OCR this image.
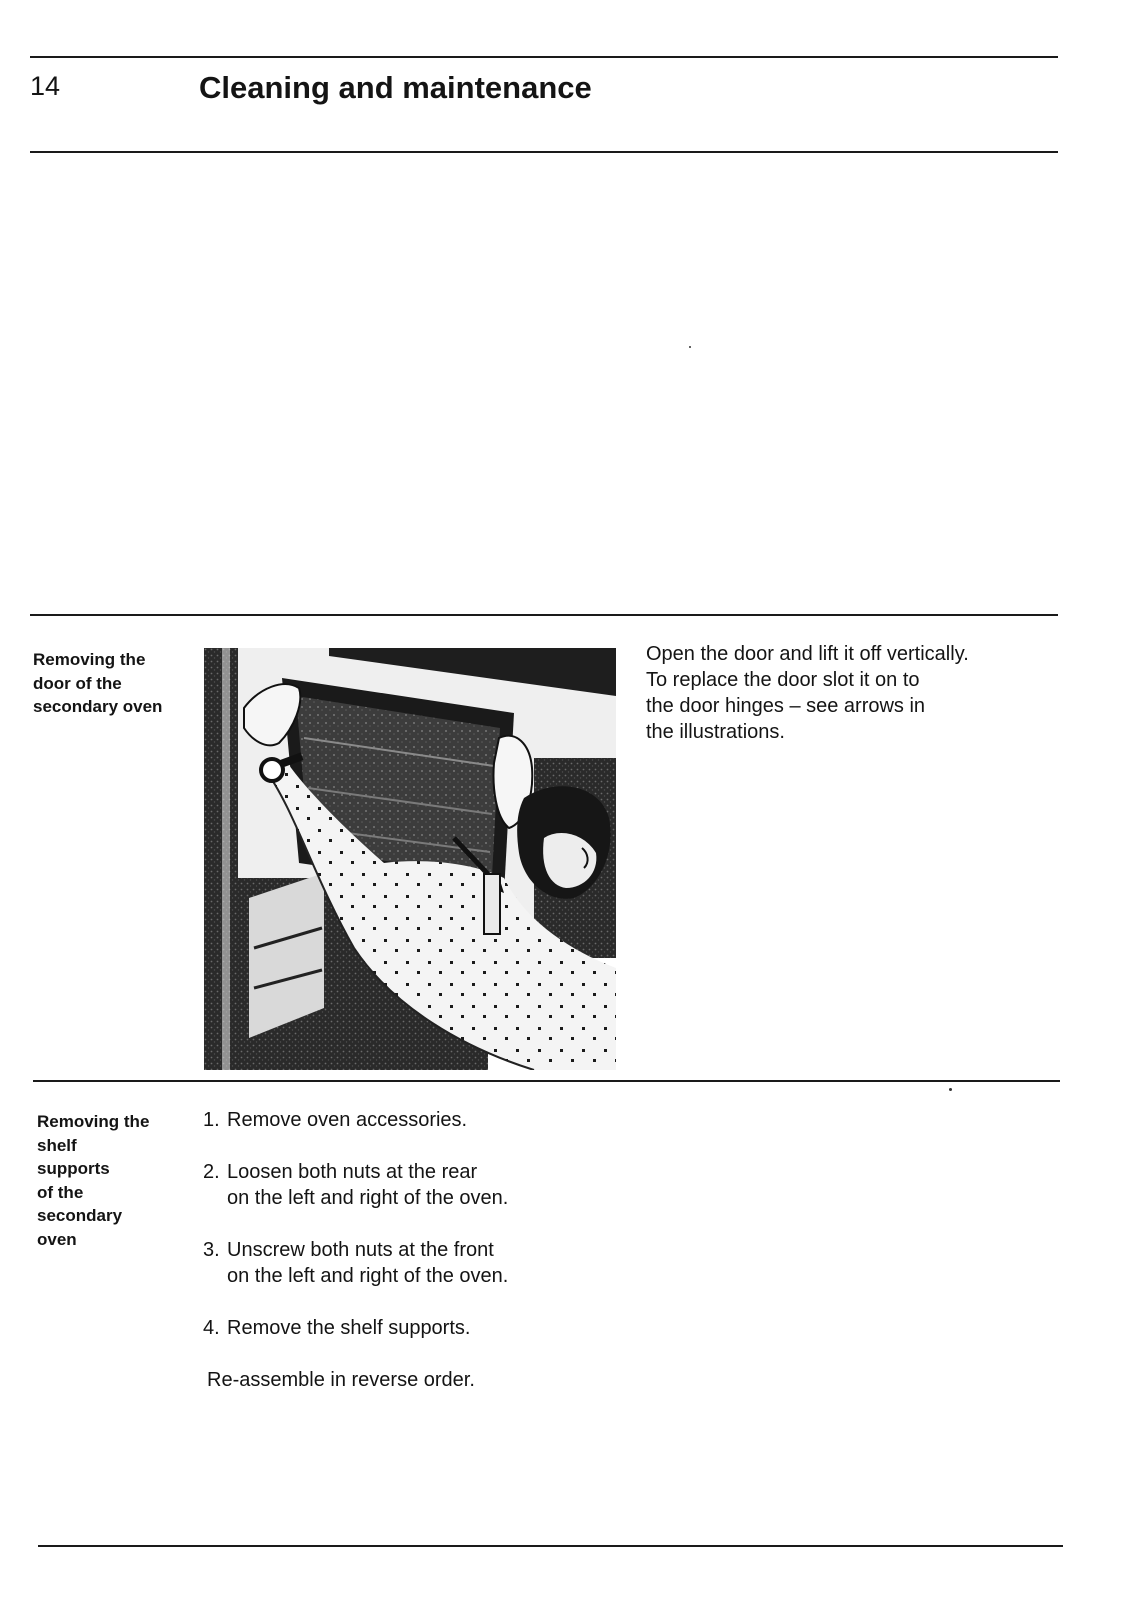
14	Cleaning and maintenance
Removing the
door of the
secondary oven
Open the door and lift it off vertically.
To replace the door slot it on to
the door hinges – see arrows in
the illustrations.
Removing the
shelf
supports
of the
secondary
oven
1. Remove oven accessories.
2. Loosen both nuts at the rear
on the left and right of the oven.
3. Unscrew both nuts at the front
on the left and right of the oven.
4. Remove the shelf supports.
Re-assemble in reverse order.
